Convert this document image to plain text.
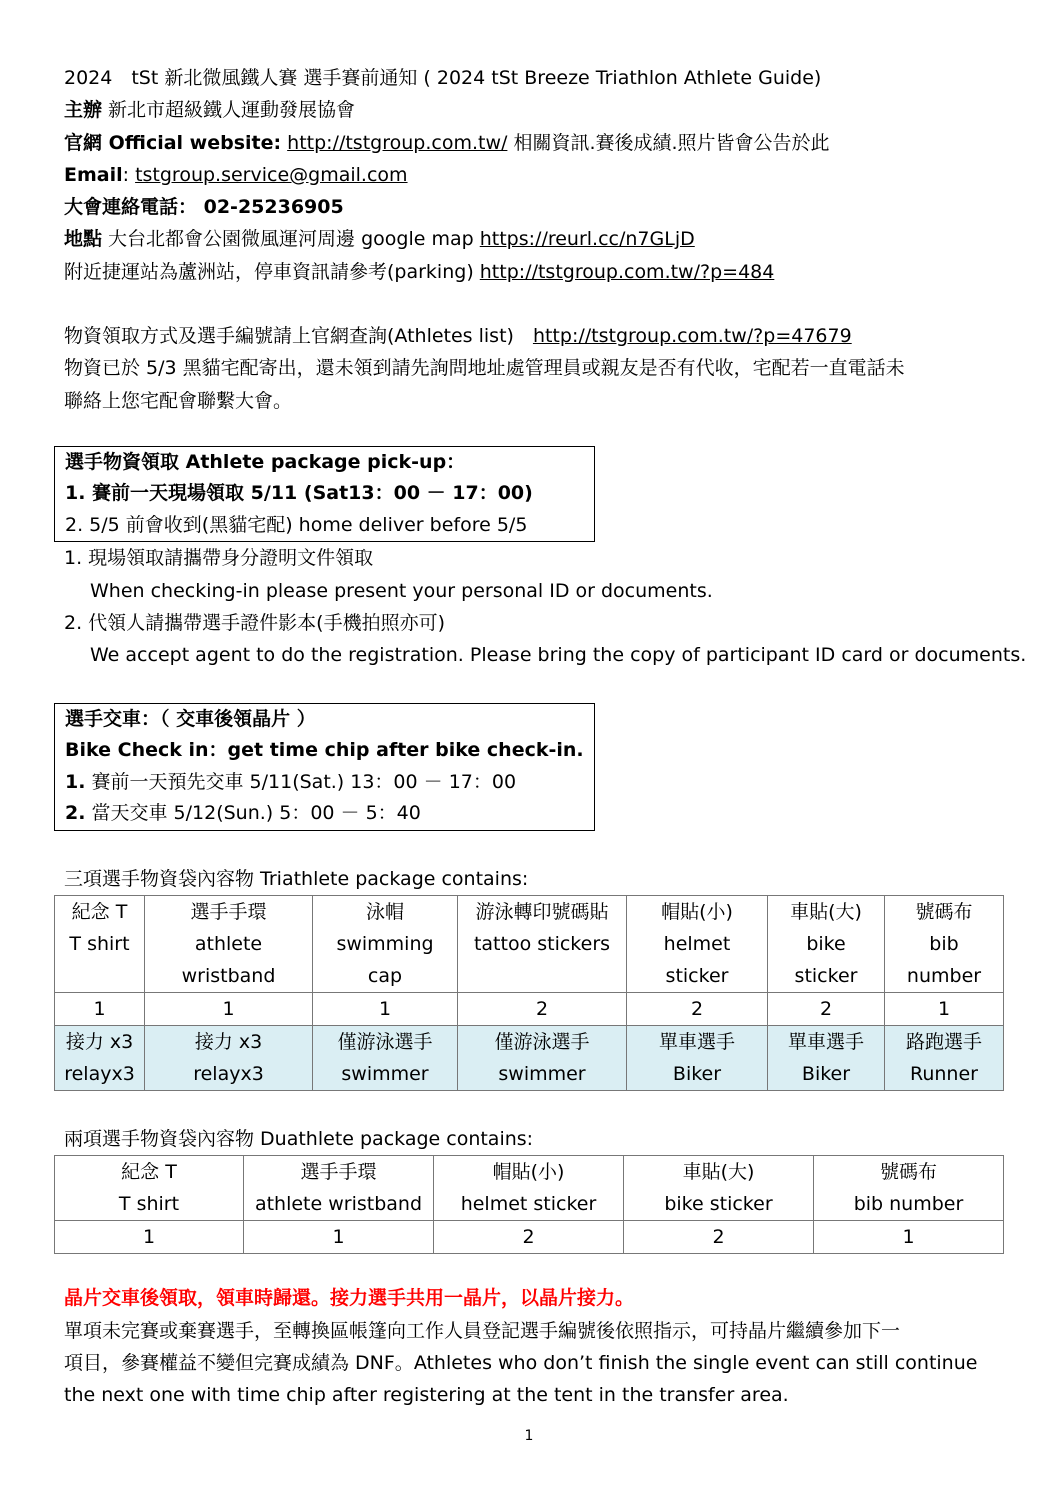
2024　tSt 新北微風鐵人賽 選手賽前通知 ( 2024 tSt Breeze Triathlon Athlete Guide)
主辦 新北市超級鐵人運動發展協會
官網 Official website: http://tstgroup.com.tw/ 相關資訊.賽後成績.照片皆會公告於此
Email: tstgroup.service@gmail.com
大會連絡電話： 02-25236905
地點 大台北都會公園微風運河周邊 google map https://reurl.cc/n7GLjD
附近捷運站為蘆洲站，停車資訊請參考(parking) http://tstgroup.com.tw/?p=484
物資領取方式及選手編號請上官網查詢(Athletes list)　http://tstgroup.com.tw/?p=47679
物資已於 5/3 黑貓宅配寄出，還未領到請先詢問地址處管理員或親友是否有代收，宅配若一直電話未
聯絡上您宅配會聯繫大會。
選手物資領取 Athlete package pick-up：
1. 賽前一天現場領取 5/11 (Sat13：00 － 17：00)
2. 5/5 前會收到(黑貓宅配) home deliver before 5/5
1. 現場領取請攜帶身分證明文件領取
When checking-in please present your personal ID or documents.
2. 代領人請攜帶選手證件影本(手機拍照亦可)
We accept agent to do the registration. Please bring the copy of participant ID card or documents.
選手交車：（ 交車後領晶片 ）
Bike Check in：get time chip after bike check-in.
1. 賽前一天預先交車 5/11(Sat.) 13：00 － 17：00
2. 當天交車 5/12(Sun.) 5：00 － 5：40
三項選手物資袋內容物 Triathlete package contains:
紀念 T
T shirt	選手手環
athlete
wristband	泳帽
swimming
cap	游泳轉印號碼貼
tattoo stickers	帽貼(小)
helmet
sticker	車貼(大)
bike
sticker	號碼布
bib
number

1	1	1	2	2	2	1

接力 x3
relayx3	接力 x3
relayx3	僅游泳選手
swimmer	僅游泳選手
swimmer	單車選手
Biker	單車選手
Biker	路跑選手
Runner
兩項選手物資袋內容物 Duathlete package contains:
紀念 T
T shirt	選手手環
athlete wristband	帽貼(小)
helmet sticker	車貼(大)
bike sticker	號碼布
bib number

1	1	2	2	1
晶片交車後領取，領車時歸還。接力選手共用一晶片，以晶片接力。
單項未完賽或棄賽選手，至轉換區帳篷向工作人員登記選手編號後依照指示，可持晶片繼續參加下一
項目，參賽權益不變但完賽成績為 DNF。Athletes who don’t finish the single event can still continue
the next one with time chip after registering at the tent in the transfer area.
1
